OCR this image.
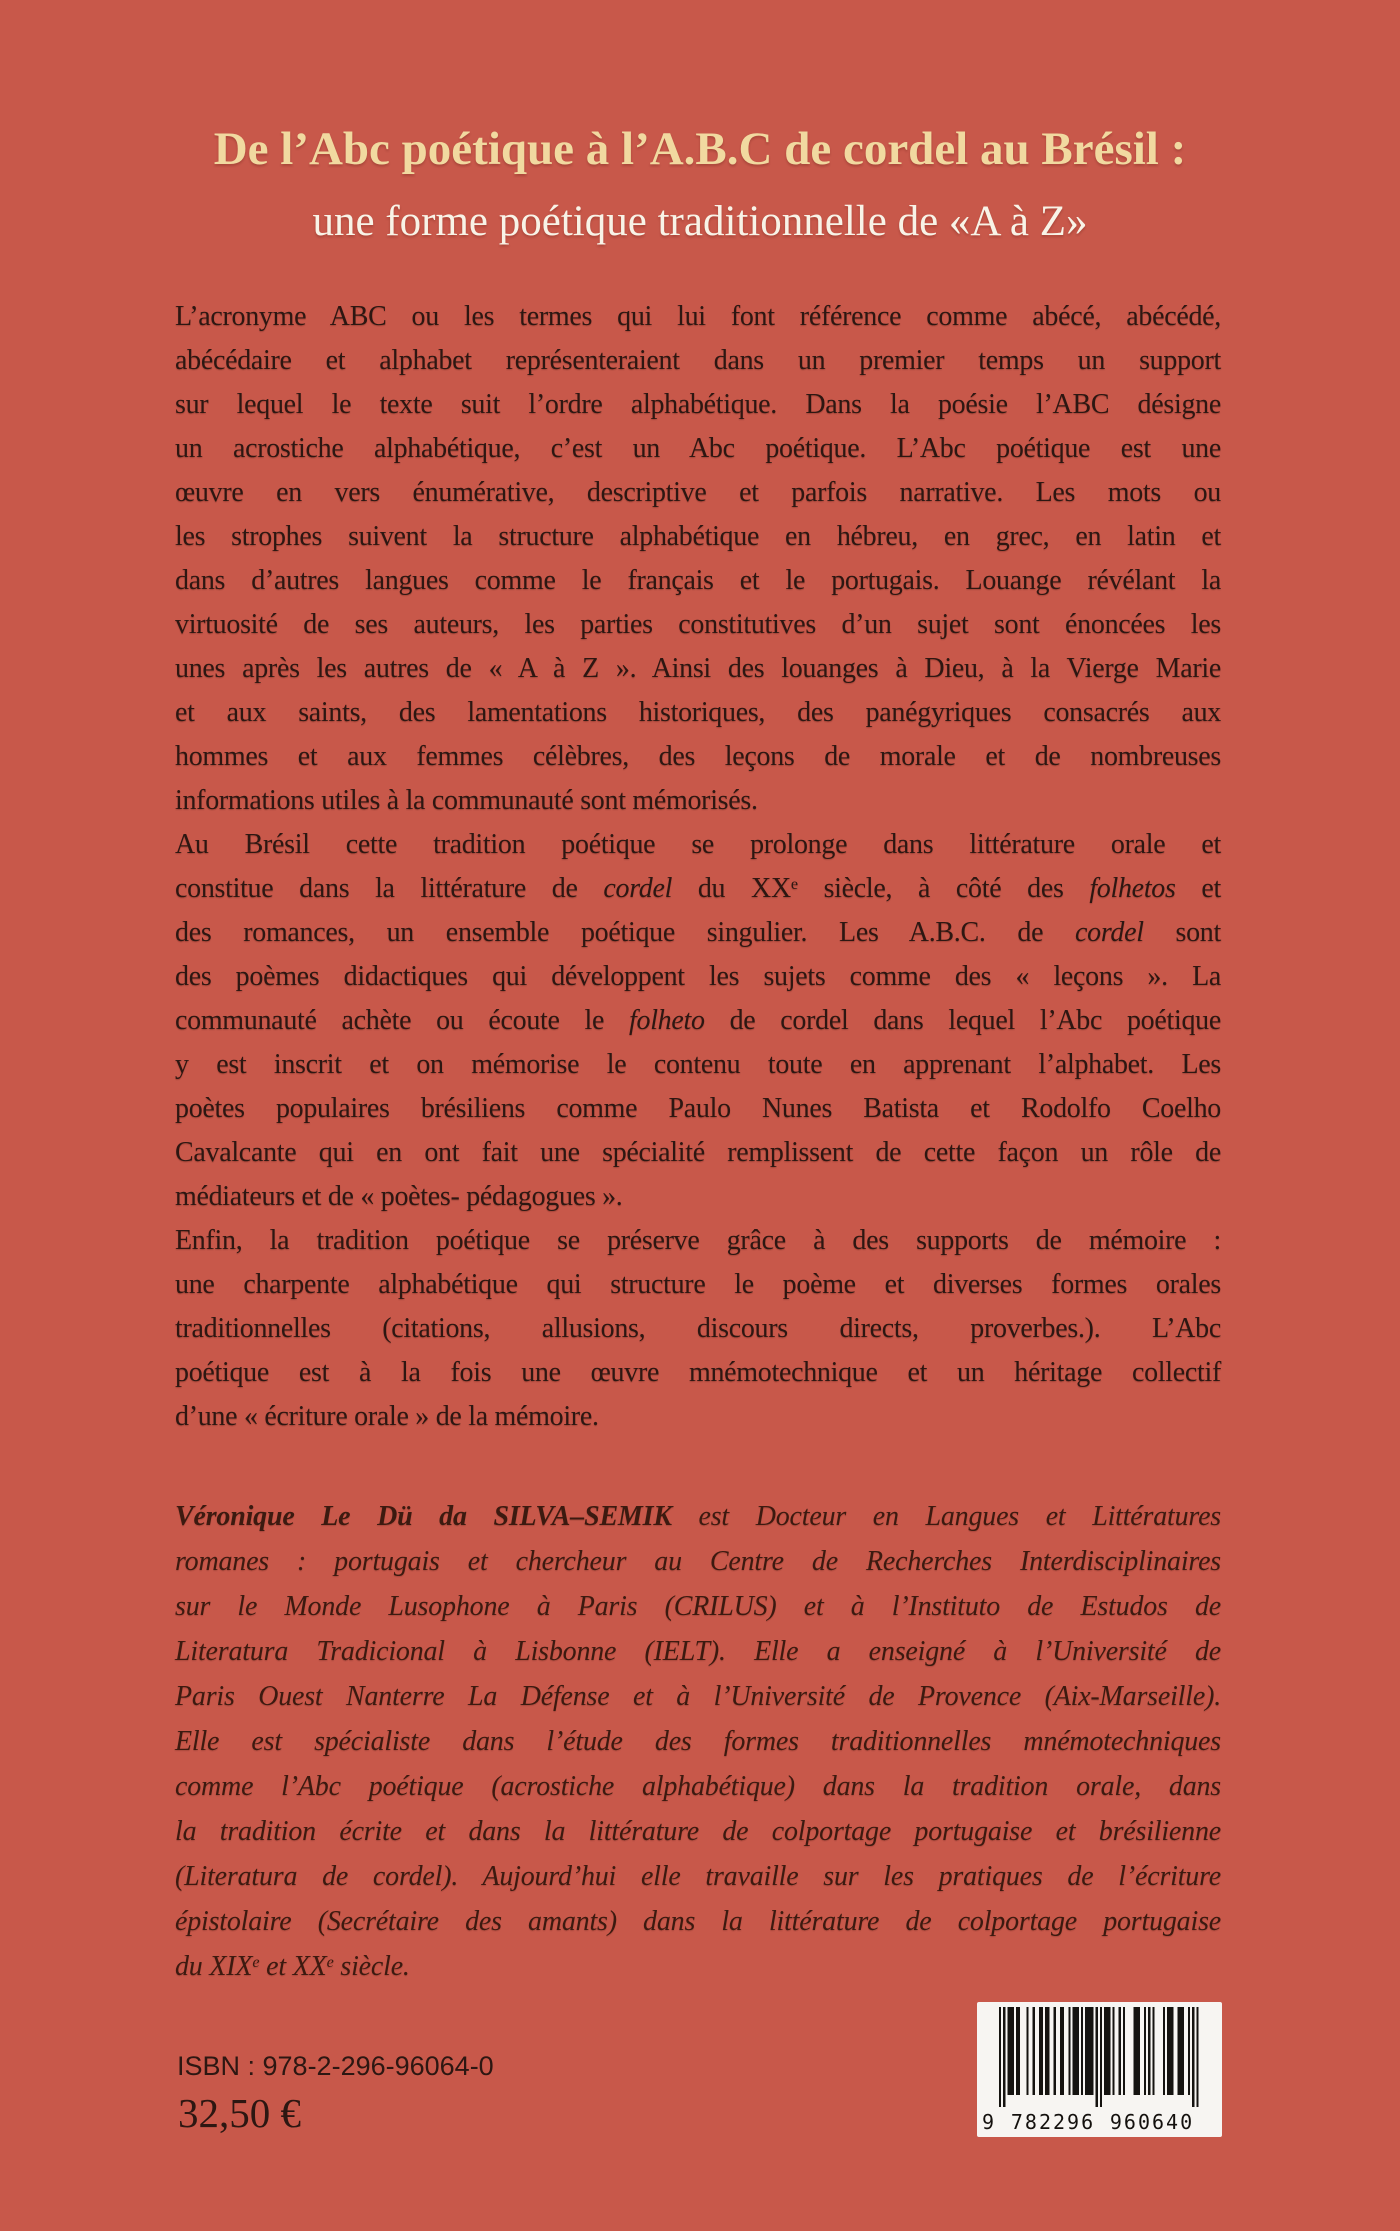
De l’Abc poétique à l’A.B.C de cordel au Brésil :
une forme poétique traditionnelle de «A à Z»
L’acronyme ABC ou les termes qui lui font référence comme abécé, abécédé,
abécédaire et alphabet représenteraient dans un premier temps un support
sur lequel le texte suit l’ordre alphabétique. Dans la poésie l’ABC désigne
un acrostiche alphabétique, c’est un Abc poétique. L’Abc poétique est une
œuvre en vers énumérative, descriptive et parfois narrative. Les mots ou
les strophes suivent la structure alphabétique en hébreu, en grec, en latin et
dans d’autres langues comme le français et le portugais. Louange révélant la
virtuosité de ses auteurs, les parties constitutives d’un sujet sont énoncées les
unes après les autres de « A à Z ». Ainsi des louanges à Dieu, à la Vierge Marie
et aux saints, des lamentations historiques, des panégyriques consacrés aux
hommes et aux femmes célèbres, des leçons de morale et de nombreuses
informations utiles à la communauté sont mémorisés.
Au Brésil cette tradition poétique se prolonge dans littérature orale et
constitue dans la littérature de cordel du XXe siècle, à côté des folhetos et
des romances, un ensemble poétique singulier. Les A.B.C. de cordel sont
des poèmes didactiques qui développent les sujets comme des « leçons ». La
communauté achète ou écoute le folheto de cordel dans lequel l’Abc poétique
y est inscrit et on mémorise le contenu toute en apprenant l’alphabet. Les
poètes populaires brésiliens comme Paulo Nunes Batista et Rodolfo Coelho
Cavalcante qui en ont fait une spécialité remplissent de cette façon un rôle de
médiateurs et de « poètes- pédagogues ».
Enfin, la tradition poétique se préserve grâce à des supports de mémoire :
une charpente alphabétique qui structure le poème et diverses formes orales
traditionnelles (citations, allusions, discours directs, proverbes.). L’Abc
poétique est à la fois une œuvre mnémotechnique et un héritage collectif
d’une « écriture orale » de la mémoire.
Véronique Le Dü da SILVA–SEMIK est Docteur en Langues et Littératures
romanes : portugais et chercheur au Centre de Recherches Interdisciplinaires
sur le Monde Lusophone à Paris (CRILUS) et à l’Instituto de Estudos de
Literatura Tradicional à Lisbonne (IELT). Elle a enseigné à l’Université de
Paris Ouest Nanterre La Défense et à l’Université de Provence (Aix-Marseille).
Elle est spécialiste dans l’étude des formes traditionnelles mnémotechniques
comme l’Abc poétique (acrostiche alphabétique) dans la tradition orale, dans
la tradition écrite et dans la littérature de colportage portugaise et brésilienne
(Literatura de cordel). Aujourd’hui elle travaille sur les pratiques de l’écriture
épistolaire (Secrétaire des amants) dans la littérature de colportage portugaise
du XIXe et XXe siècle.
ISBN : 978-2-296-96064-0
32,50 €	9 782296 960640
